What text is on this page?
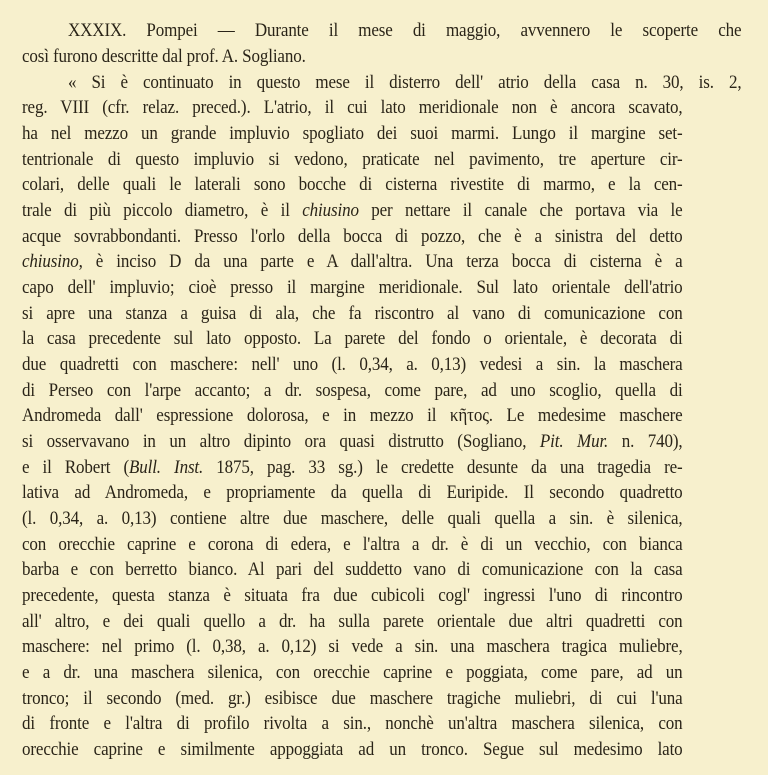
XXXIX. Pompei — Durante il mese di maggio, avvennero le scoperte che
così furono descritte dal prof. A. Sogliano.
« Si è continuato in questo mese il disterro dell' atrio della casa n. 30, is. 2,
reg. VIII (cfr. relaz. preced.). L'atrio, il cui lato meridionale non è ancora scavato,
ha nel mezzo un grande impluvio spogliato dei suoi marmi. Lungo il margine set-
tentrionale di questo impluvio si vedono, praticate nel pavimento, tre aperture cir-
colari, delle quali le laterali sono bocche di cisterna rivestite di marmo, e la cen-
trale di più piccolo diametro, è il chiusino per nettare il canale che portava via le
acque sovrabbondanti. Presso l'orlo della bocca di pozzo, che è a sinistra del detto
chiusino, è inciso D da una parte e A dall'altra. Una terza bocca di cisterna è a
capo dell' impluvio; cioè presso il margine meridionale. Sul lato orientale dell'atrio
si apre una stanza a guisa di ala, che fa riscontro al vano di comunicazione con
la casa precedente sul lato opposto. La parete del fondo o orientale, è decorata di
due quadretti con maschere: nell' uno (l. 0,34, a. 0,13) vedesi a sin. la maschera
di Perseo con l'arpe accanto; a dr. sospesa, come pare, ad uno scoglio, quella di
Andromeda dall' espressione dolorosa, e in mezzo il κῆτος. Le medesime maschere
si osservavano in un altro dipinto ora quasi distrutto (Sogliano, Pit. Mur. n. 740),
e il Robert (Bull. Inst. 1875, pag. 33 sg.) le credette desunte da una tragedia re-
lativa ad Andromeda, e propriamente da quella di Euripide. Il secondo quadretto
(l. 0,34, a. 0,13) contiene altre due maschere, delle quali quella a sin. è silenica,
con orecchie caprine e corona di edera, e l'altra a dr. è di un vecchio, con bianca
barba e con berretto bianco. Al pari del suddetto vano di comunicazione con la casa
precedente, questa stanza è situata fra due cubicoli cogl' ingressi l'uno di rincontro
all' altro, e dei quali quello a dr. ha sulla parete orientale due altri quadretti con
maschere: nel primo (l. 0,38, a. 0,12) si vede a sin. una maschera tragica muliebre,
e a dr. una maschera silenica, con orecchie caprine e poggiata, come pare, ad un
tronco; il secondo (med. gr.) esibisce due maschere tragiche muliebri, di cui l'una
di fronte e l'altra di profilo rivolta a sin., nonchè un'altra maschera silenica, con
orecchie caprine e similmente appoggiata ad un tronco. Segue sul medesimo lato
